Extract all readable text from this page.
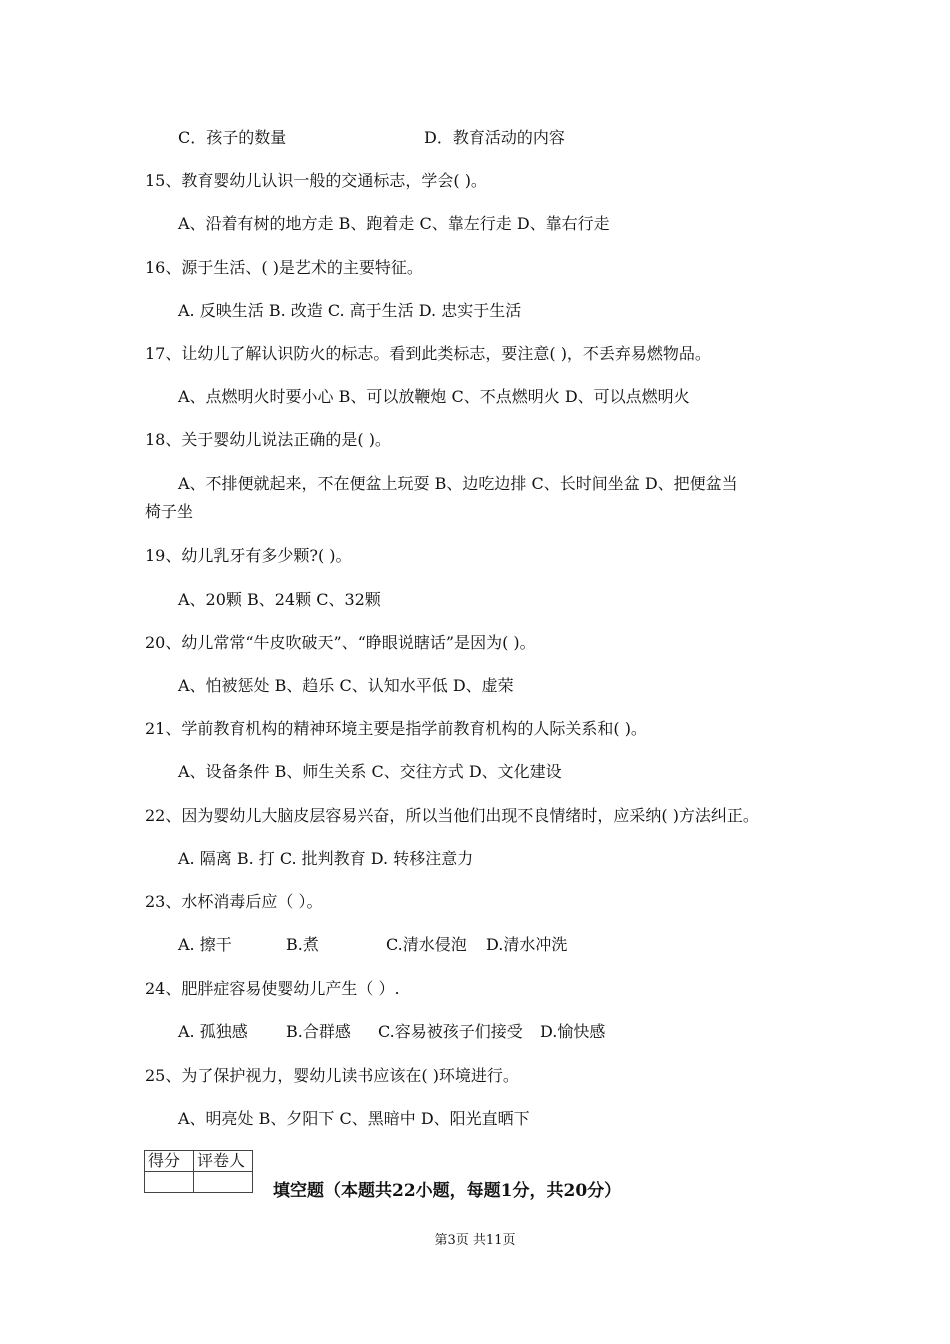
C．孩子的数量	D．教育活动的内容
15、教育婴幼儿认识一般的交通标志，学会( )。
A、沿着有树的地方走 B、跑着走 C、靠左行走 D、靠右行走
16、源于生活、( )是艺术的主要特征。
A. 反映生活 B. 改造 C. 高于生活 D. 忠实于生活
17、让幼儿了解认识防火的标志。看到此类标志，要注意( )，不丢弃易燃物品。
A、点燃明火时要小心 B、可以放鞭炮 C、不点燃明火 D、可以点燃明火
18、关于婴幼儿说法正确的是( )。
A、不排便就起来，不在便盆上玩耍 B、边吃边排 C、长时间坐盆 D、把便盆当
椅子坐
19、幼儿乳牙有多少颗?( )。
A、20颗 B、24颗 C、32颗
20、幼儿常常“牛皮吹破天”、“睁眼说瞎话”是因为( )。
A、怕被惩处 B、趋乐 C、认知水平低 D、虚荣
21、学前教育机构的精神环境主要是指学前教育机构的人际关系和( )。
A、设备条件 B、师生关系 C、交往方式 D、文化建设
22、因为婴幼儿大脑皮层容易兴奋，所以当他们出现不良情绪时，应采纳( )方法纠正。
A. 隔离 B. 打 C. 批判教育 D. 转移注意力
23、水杯消毒后应（ ）。
A. 擦干	B.煮	C.清水侵泡 D.清水冲洗
24、肥胖症容易使婴幼儿产生（ ）.
A. 孤独感 B.合群感 C.容易被孩子们接受 D.愉快感
25、为了保护视力，婴幼儿读书应该在( )环境进行。
A、明亮处 B、夕阳下 C、黑暗中 D、阳光直晒下
得分	评卷人

填空题（本题共22小题，每题1分，共20分）
第3页 共11页
